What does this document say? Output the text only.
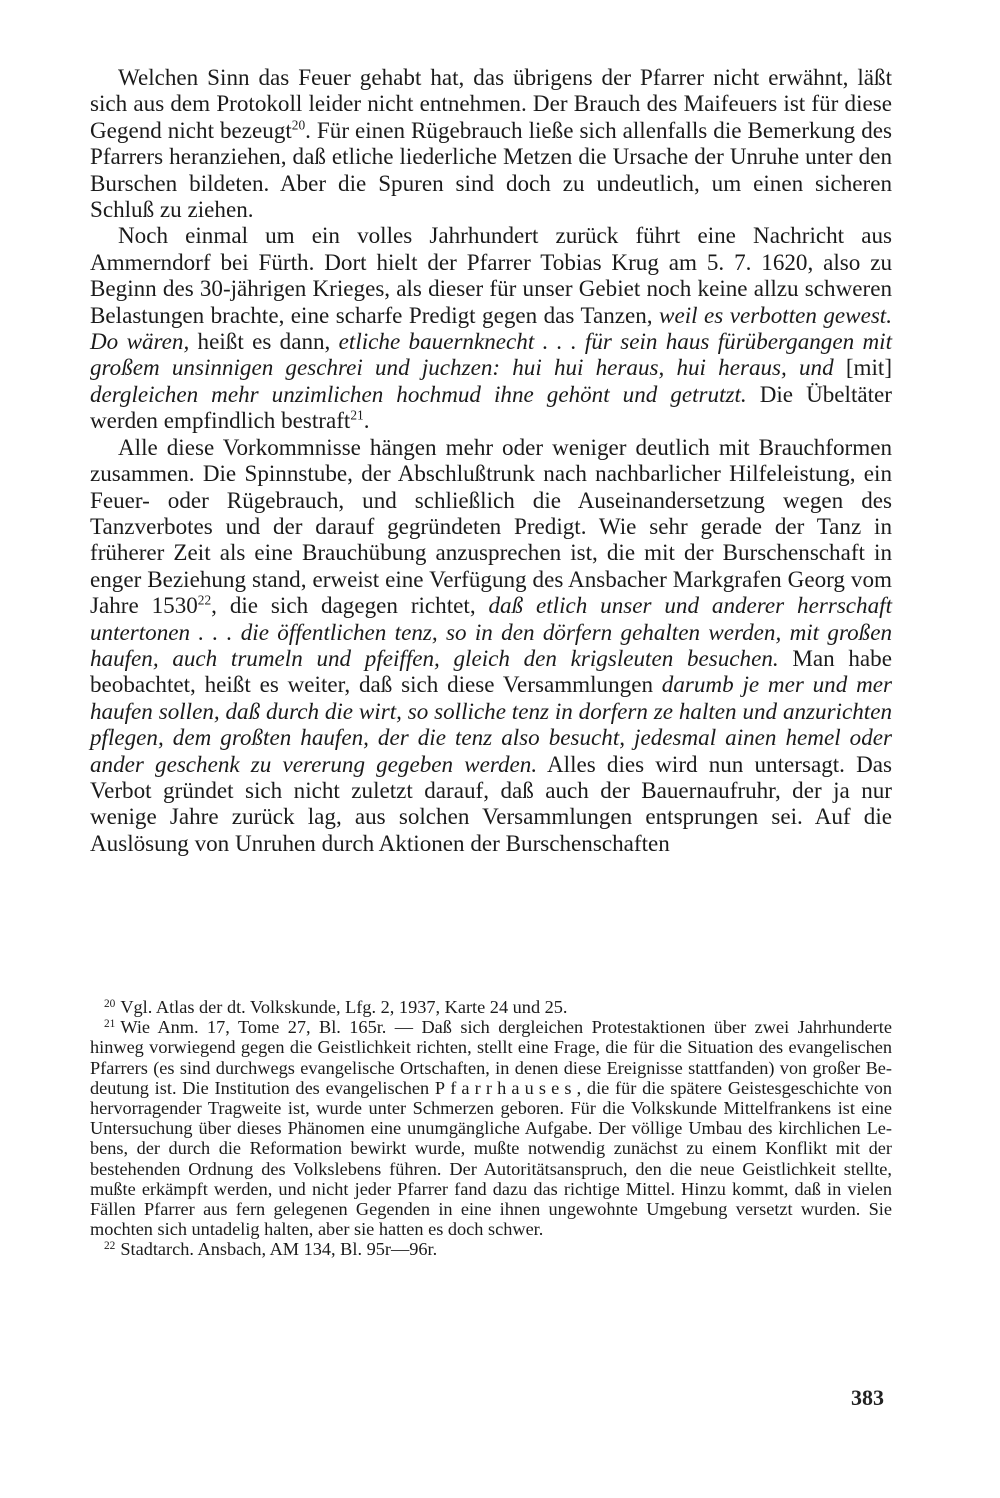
Welchen Sinn das Feuer gehabt hat, das übrigens der Pfarrer nicht erwähnt, läßt sich aus dem Protokoll leider nicht entnehmen. Der Brauch des Maifeuers ist für diese Gegend nicht bezeugt$^{20}$. Für einen Rügebrauch ließe sich allenfalls die Bemerkung des Pfarrers heranziehen, daß etliche liederliche Metzen die Ursache der Unruhe unter den Burschen bildeten. Aber die Spuren sind doch zu undeutlich, um einen sicheren Schluß zu ziehen.

Noch einmal um ein volles Jahrhundert zurück führt eine Nachricht aus Ammerndorf bei Fürth. Dort hielt der Pfarrer Tobias Krug am 5. 7. 1620, also zu Beginn des 30-jährigen Krieges, als dieser für unser Gebiet noch keine allzu schweren Belastungen brachte, eine scharfe Predigt gegen das Tanzen, weil es verbotten gewest. Do wären, heißt es dann, etliche bauernknecht . . . für sein haus fürübergangen mit großem unsinnigen geschrei und juchzen: hui hui heraus, hui heraus, und [mit] dergleichen mehr unzimlichen hochmud ihne gehönt und getrutzt. Die Übeltäter werden empfindlich bestraft$^{21}$.

Alle diese Vorkommnisse hängen mehr oder weniger deutlich mit Brauchformen zusammen. Die Spinnstube, der Abschlußtrunk nach nachbarlicher Hilfeleistung, ein Feuer- oder Rügebrauch, und schließlich die Auseinandersetzung wegen des Tanzverbotes und der darauf gegründeten Predigt. Wie sehr gerade der Tanz in früherer Zeit als eine Brauchübung anzusprechen ist, die mit der Burschenschaft in enger Beziehung stand, erweist eine Verfügung des Ansbacher Markgrafen Georg vom Jahre 1530$^{22}$, die sich dagegen richtet, daß etlich unser und anderer herrschaft untertonen . . . die öffentlichen tenz, so in den dörfern gehalten werden, mit großen haufen, auch trumeln und pfeiffen, gleich den krigsleuten besuchen. Man habe beobachtet, heißt es weiter, daß sich diese Versammlungen darumb je mer und mer haufen sollen, daß durch die wirt, so solliche tenz in dorfern ze halten und anzurichten pflegen, dem großten haufen, der die tenz also besucht, jedesmal ainen hemel oder ander geschenk zu vererung gegeben werden. Alles dies wird nun untersagt. Das Verbot gründet sich nicht zuletzt darauf, daß auch der Bauernaufruhr, der ja nur wenige Jahre zurück lag, aus solchen Versammlungen entsprungen sei. Auf die Auslösung von Unruhen durch Aktionen der Burschenschaften

$^{20}$ Vgl. Atlas der dt. Volkskunde, Lfg. 2, 1937, Karte 24 und 25.

$^{21}$ Wie Anm. 17, Tome 27, Bl. 165r. — Daß sich dergleichen Protestaktionen über zwei Jahrhunderte hinweg vorwiegend gegen die Geistlichkeit richten, stellt eine Frage, die für die Situation des evangelischen Pfarrers (es sind durchwegs evangelische Ortschaften, in denen diese Ereignisse stattfanden) von großer Bedeutung ist. Die Institution des evangelischen Pfarrhauses, die für die spätere Geistesgeschichte von hervorragender Tragweite ist, wurde unter Schmerzen geboren. Für die Volkskunde Mittelfrankens ist eine Untersuchung über dieses Phänomen eine unumgängliche Aufgabe. Der völlige Umbau des kirchlichen Lebens, der durch die Reformation bewirkt wurde, mußte notwendig zunächst zu einem Konflikt mit der bestehenden Ordnung des Volkslebens führen. Der Autoritätsanspruch, den die neue Geistlichkeit stellte, mußte erkämpft werden, und nicht jeder Pfarrer fand dazu das richtige Mittel. Hinzu kommt, daß in vielen Fällen Pfarrer aus fern gelegenen Gegenden in eine ihnen ungewohnte Umgebung versetzt wurden. Sie mochten sich untadelig halten, aber sie hatten es doch schwer.

$^{22}$ Stadtarch. Ansbach, AM 134, Bl. 95r—96r.

383
